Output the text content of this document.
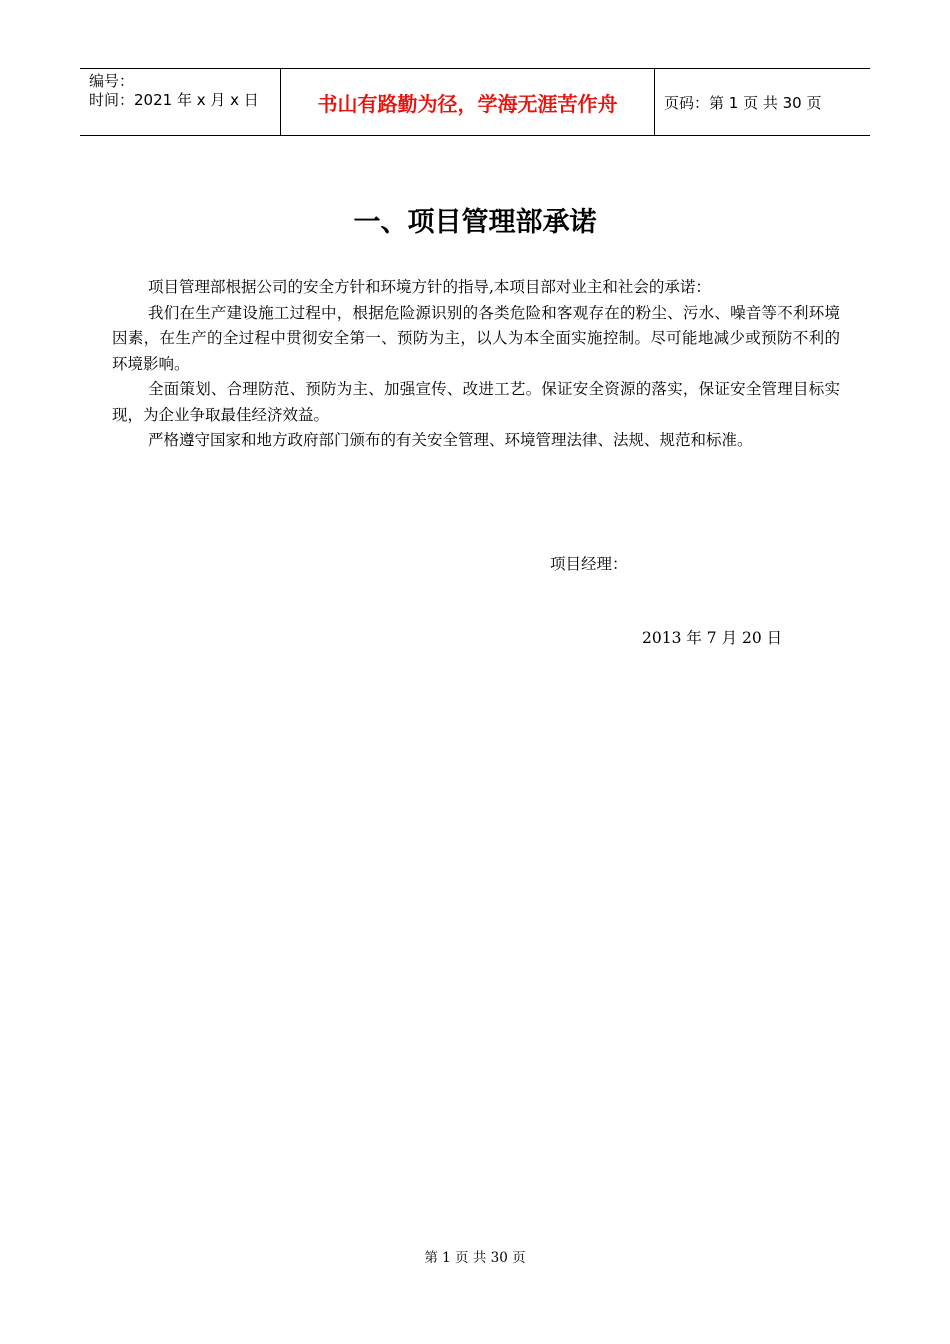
编号：
时间：2021 年 x 月 x 日	书山有路勤为径，学海无涯苦作舟	页码：第 1 页 共 30 页
一、项目管理部承诺

项目管理部根据公司的安全方针和环境方针的指导,本项目部对业主和社会的承诺：

我们在生产建设施工过程中，根据危险源识别的各类危险和客观存在的粉尘、污水、噪音等不利环境因素，在生产的全过程中贯彻安全第一、预防为主，以人为本全面实施控制。尽可能地减少或预防不利的环境影响。

全面策划、合理防范、预防为主、加强宣传、改进工艺。保证安全资源的落实，保证安全管理目标实现，为企业争取最佳经济效益。

严格遵守国家和地方政府部门颁布的有关安全管理、环境管理法律、法规、规范和标准。

项目经理：
2013 年 7 月 20 日
第 1 页 共 30 页
